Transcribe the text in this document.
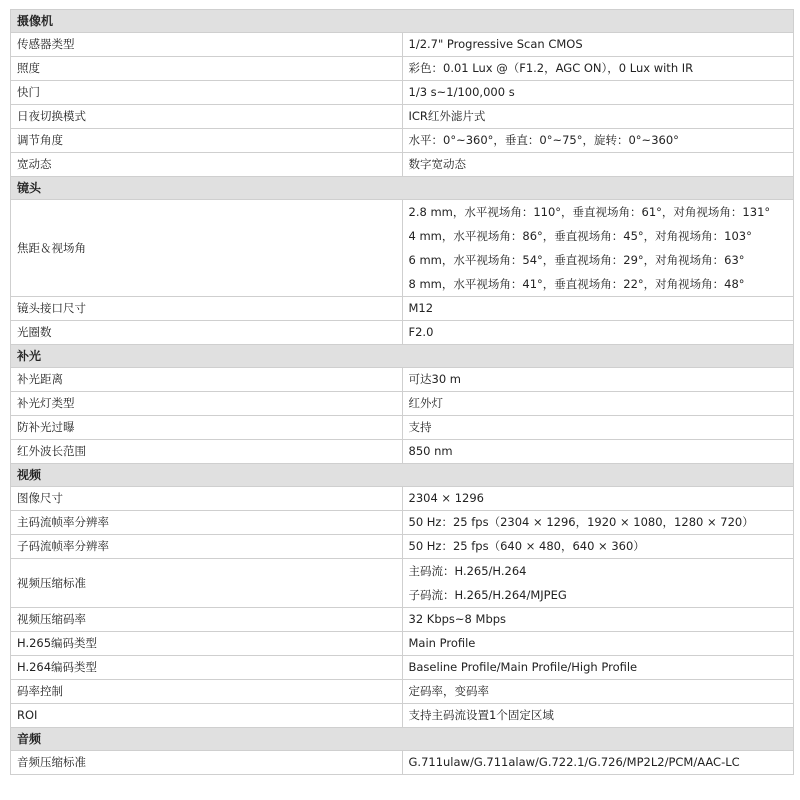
摄像机	
传感器类型	1/2.7" Progressive Scan CMOS
照度	彩色：0.01 Lux @（F1.2，AGC ON），0 Lux with IR
快门	1/3 s~1/100,000 s
日夜切换模式	ICR红外滤片式
调节角度	水平：0°~360°，垂直：0°~75°，旋转：0°~360°
宽动态	数字宽动态
镜头	
焦距＆视场角	2.8 mm，水平视场角：110°，垂直视场角：61°，对角视场角：131°
4 mm，水平视场角：86°，垂直视场角：45°，对角视场角：103°
6 mm，水平视场角：54°，垂直视场角：29°，对角视场角：63°
8 mm，水平视场角：41°，垂直视场角：22°，对角视场角：48°

镜头接口尺寸	M12
光圈数	F2.0
补光	
补光距离	可达30 m
补光灯类型	红外灯
防补光过曝	支持
红外波长范围	850 nm
视频	
图像尺寸	2304 × 1296
主码流帧率分辨率	50 Hz：25 fps（2304 × 1296，1920 × 1080，1280 × 720）
子码流帧率分辨率	50 Hz：25 fps（640 × 480，640 × 360）
视频压缩标准	主码流：H.265/H.264
子码流：H.265/H.264/MJPEG

视频压缩码率	32 Kbps~8 Mbps
H.265编码类型	Main Profile
H.264编码类型	Baseline Profile/Main Profile/High Profile
码率控制	定码率，变码率
ROI	支持主码流设置1个固定区域
音频	
音频压缩标准	G.711ulaw/G.711alaw/G.722.1/G.726/MP2L2/PCM/AAC-LC
